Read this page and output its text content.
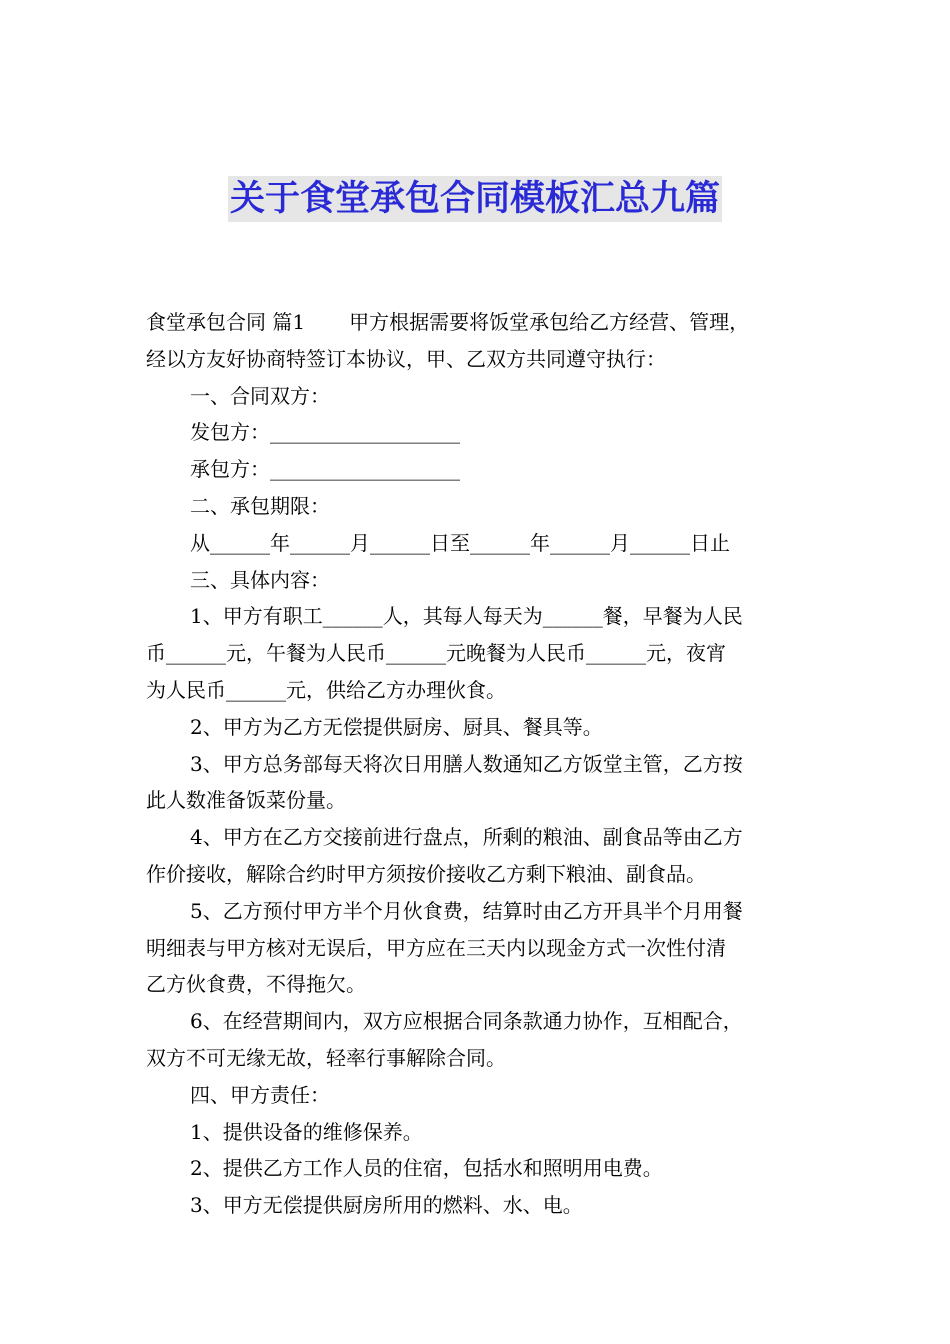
关于食堂承包合同模板汇总九篇

食堂承包合同 篇1 甲方根据需要将饭堂承包给乙方经营、管理，

经以方友好协商特签订本协议，甲、乙双方共同遵守执行：

一、合同双方：

发包方：___________________

承包方：___________________

二、承包期限：

从______年______月______日至______年______月______日止

三、具体内容：

1、甲方有职工______人，其每人每天为______餐，早餐为人民

币______元，午餐为人民币______元晚餐为人民币______元，夜宵

为人民币______元，供给乙方办理伙食。

2、甲方为乙方无偿提供厨房、厨具、餐具等。

3、甲方总务部每天将次日用膳人数通知乙方饭堂主管，乙方按

此人数准备饭菜份量。

4、甲方在乙方交接前进行盘点，所剩的粮油、副食品等由乙方

作价接收，解除合约时甲方须按价接收乙方剩下粮油、副食品。

5、乙方预付甲方半个月伙食费，结算时由乙方开具半个月用餐

明细表与甲方核对无误后，甲方应在三天内以现金方式一次性付清

乙方伙食费，不得拖欠。

6、在经营期间内，双方应根据合同条款通力协作，互相配合，

双方不可无缘无故，轻率行事解除合同。

四、甲方责任：

1、提供设备的维修保养。

2、提供乙方工作人员的住宿，包括水和照明用电费。

3、甲方无偿提供厨房所用的燃料、水、电。
